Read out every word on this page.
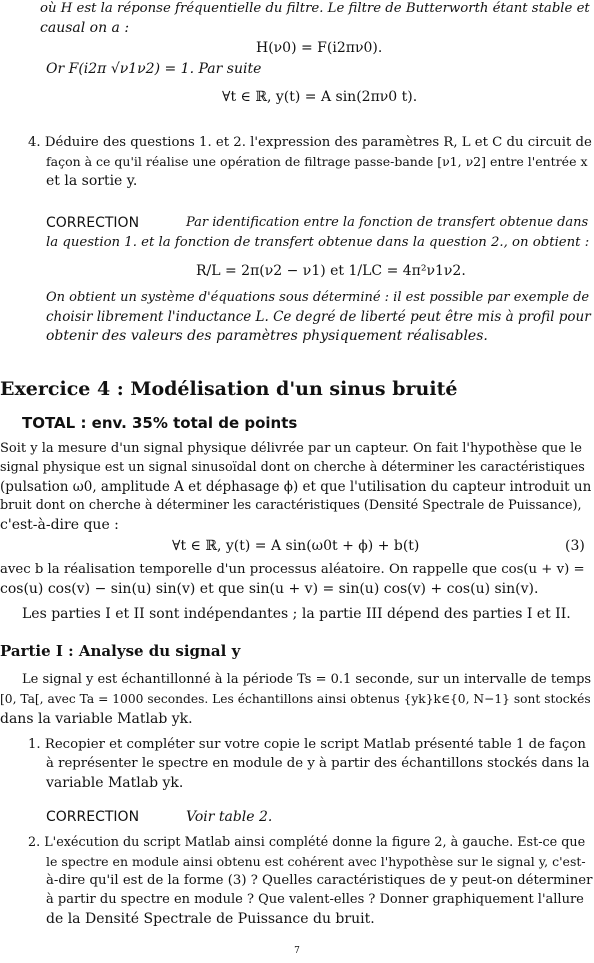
où H est la réponse fréquentielle du filtre. Le filtre de Butterworth étant stable et
causal on a :
H(ν0) = F(i2πν0).
Or F(i2π √ν1ν2) = 1. Par suite
∀t ∈ ℝ, y(t) = A sin(2πν0 t).
4. Déduire des questions 1. et 2. l'expression des paramètres R, L et C du circuit de
façon à ce qu'il réalise une opération de filtrage passe-bande [ν1, ν2] entre l'entrée x
et la sortie y.
CORRECTION	Par identification entre la fonction de transfert obtenue dans
la question 1. et la fonction de transfert obtenue dans la question 2., on obtient :
R/L = 2π(ν2 − ν1) et 1/LC = 4π²ν1ν2.
On obtient un système d'équations sous déterminé : il est possible par exemple de
choisir librement l'inductance L. Ce degré de liberté peut être mis à profil pour
obtenir des valeurs des paramètres physiquement réalisables.
Exercice 4 : Modélisation d'un sinus bruité
TOTAL : env. 35% total de points
Soit y la mesure d'un signal physique délivrée par un capteur. On fait l'hypothèse que le
signal physique est un signal sinusoïdal dont on cherche à déterminer les caractéristiques
(pulsation ω0, amplitude A et déphasage ϕ) et que l'utilisation du capteur introduit un
bruit dont on cherche à déterminer les caractéristiques (Densité Spectrale de Puissance),
c'est-à-dire que :
∀t ∈ ℝ, y(t) = A sin(ω0t + ϕ) + b(t)	(3)
avec b la réalisation temporelle d'un processus aléatoire. On rappelle que cos(u + v) =
cos(u) cos(v) − sin(u) sin(v) et que sin(u + v) = sin(u) cos(v) + cos(u) sin(v).
Les parties I et II sont indépendantes ; la partie III dépend des parties I et II.
Partie I : Analyse du signal y
Le signal y est échantillonné à la période Ts = 0.1 seconde, sur un intervalle de temps
[0, Ta[, avec Ta = 1000 secondes. Les échantillons ainsi obtenus {yk}k∈{0, N−1} sont stockés
dans la variable Matlab yk.
1. Recopier et compléter sur votre copie le script Matlab présenté table 1 de façon
à représenter le spectre en module de y à partir des échantillons stockés dans la
variable Matlab yk.
CORRECTION	Voir table 2.
2. L'exécution du script Matlab ainsi complété donne la figure 2, à gauche. Est-ce que
le spectre en module ainsi obtenu est cohérent avec l'hypothèse sur le signal y, c'est-
à-dire qu'il est de la forme (3) ? Quelles caractéristiques de y peut-on déterminer
à partir du spectre en module ? Que valent-elles ? Donner graphiquement l'allure
de la Densité Spectrale de Puissance du bruit.
7
